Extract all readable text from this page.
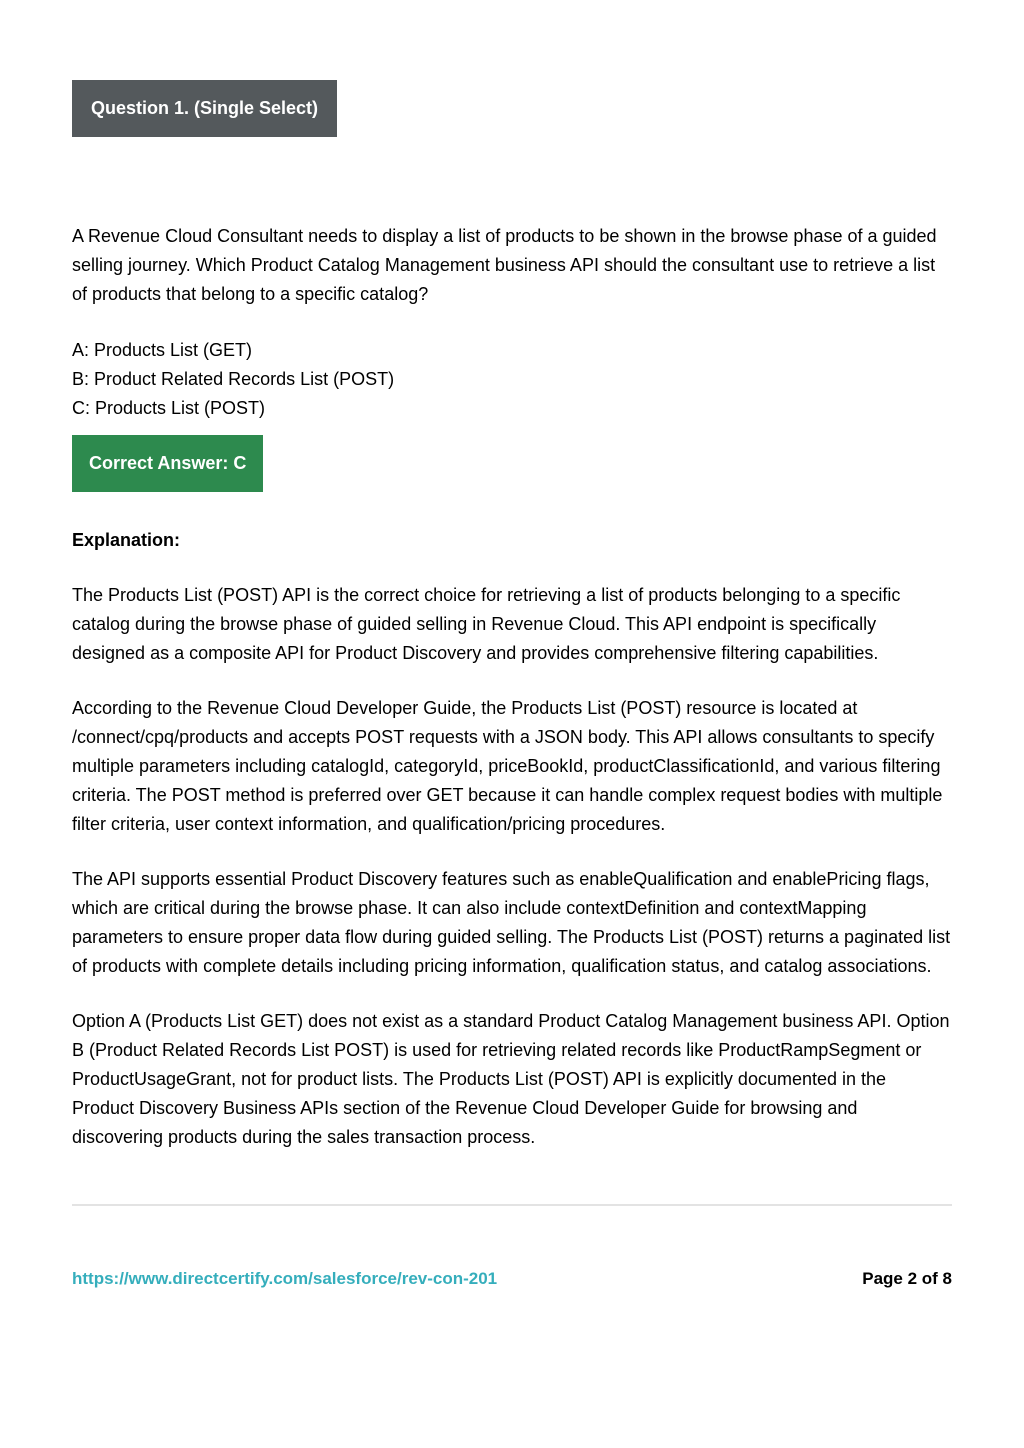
Question 1. (Single Select)

A Revenue Cloud Consultant needs to display a list of products to be shown in the browse phase of a guided selling journey. Which Product Catalog Management business API should the consultant use to retrieve a list of products that belong to a specific catalog?

A: Products List (GET)
B: Product Related Records List (POST)
C: Products List (POST)
Correct Answer: C

Explanation:

The Products List (POST) API is the correct choice for retrieving a list of products belonging to a specific catalog during the browse phase of guided selling in Revenue Cloud. This API endpoint is specifically designed as a composite API for Product Discovery and provides comprehensive filtering capabilities.

According to the Revenue Cloud Developer Guide, the Products List (POST) resource is located at /connect/cpq/products and accepts POST requests with a JSON body. This API allows consultants to specify multiple parameters including catalogId, categoryId, priceBookId, productClassificationId, and various filtering criteria. The POST method is preferred over GET because it can handle complex request bodies with multiple filter criteria, user context information, and qualification/pricing procedures.

The API supports essential Product Discovery features such as enableQualification and enablePricing flags, which are critical during the browse phase. It can also include contextDefinition and contextMapping parameters to ensure proper data flow during guided selling. The Products List (POST) returns a paginated list of products with complete details including pricing information, qualification status, and catalog associations.

Option A (Products List GET) does not exist as a standard Product Catalog Management business API. Option B (Product Related Records List POST) is used for retrieving related records like ProductRampSegment or ProductUsageGrant, not for product lists. The Products List (POST) API is explicitly documented in the Product Discovery Business APIs section of the Revenue Cloud Developer Guide for browsing and discovering products during the sales transaction process.

https://www.directcertify.com/salesforce/rev-con-201	Page 2 of 8
